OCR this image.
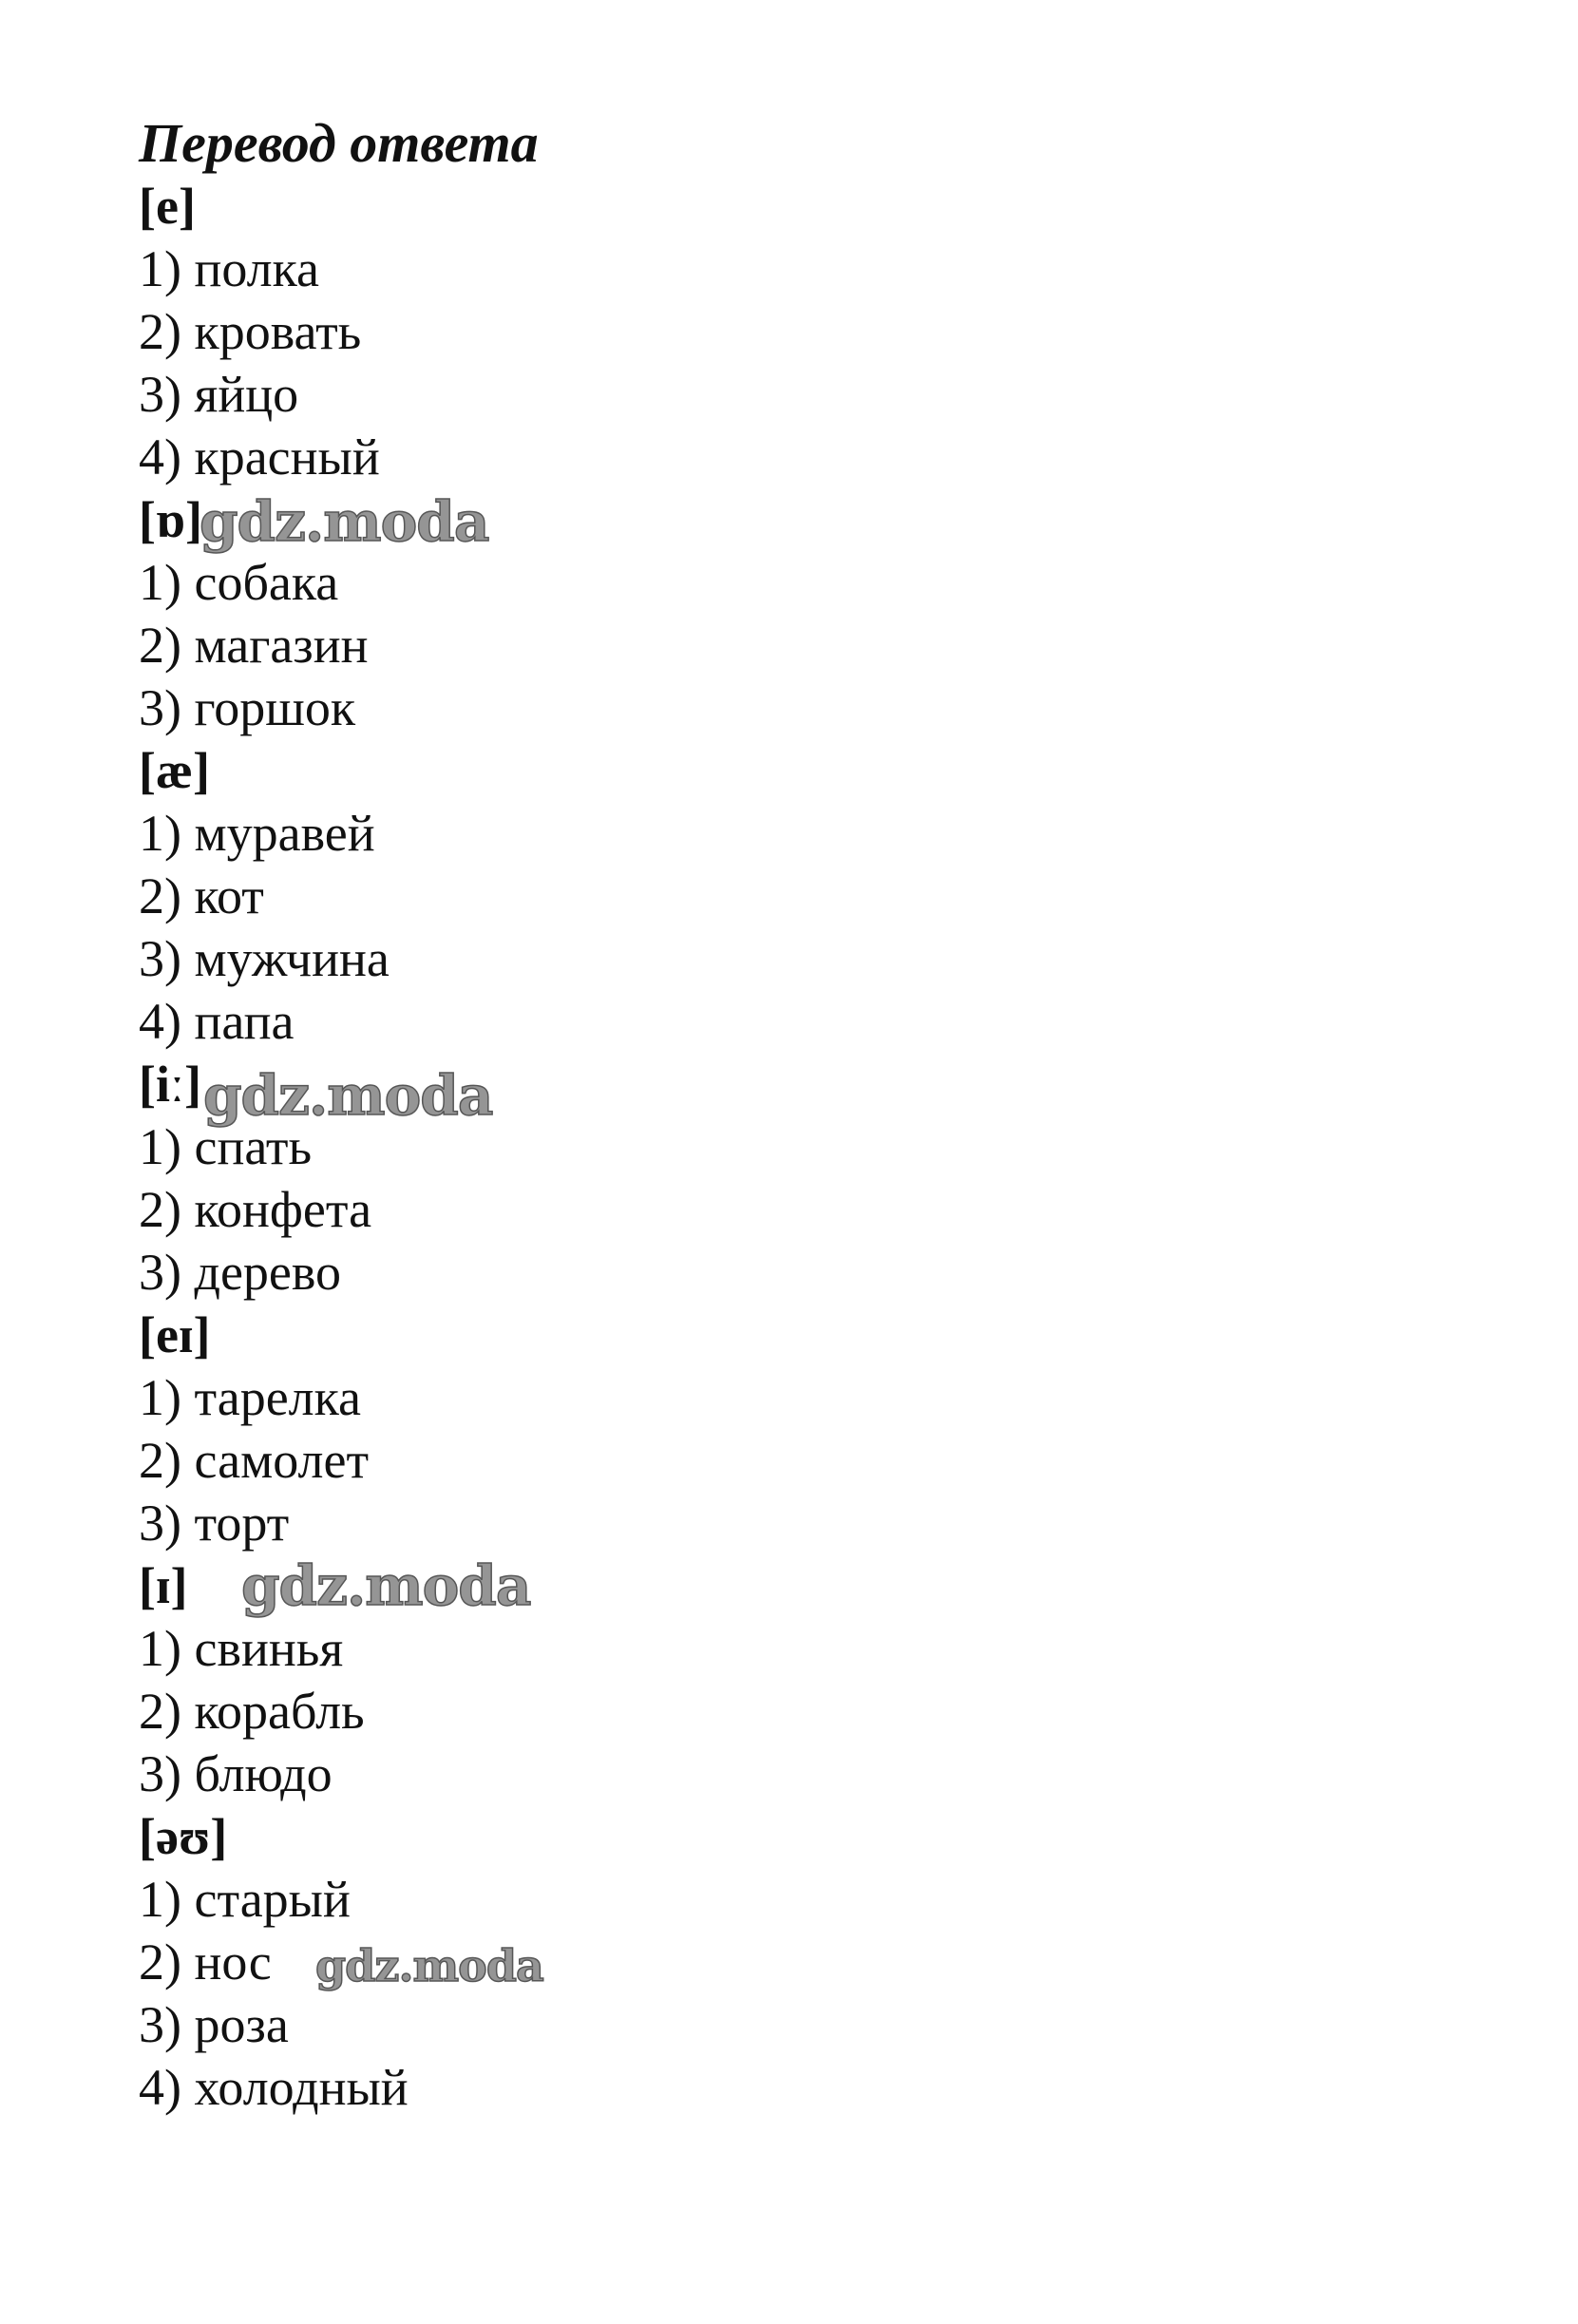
Перевод ответа
[e]
1) полка
2) кровать
3) яйцо
4) красный
[ɒ]
gdz.moda
1) собака
2) магазин
3) горшок
[æ]
1) муравей
2) кот
3) мужчина
4) папа
[iː] gdz.moda
1) спать
2) конфета
3) дерево
[eɪ]
1) тарелка
2) самолет
3) торт
[ɪ] gdz.moda
1) свинья
2) корабль
3) блюдо
[əʊ]
1) старый
2) нос gdz.moda
3) роза
4) холодный
